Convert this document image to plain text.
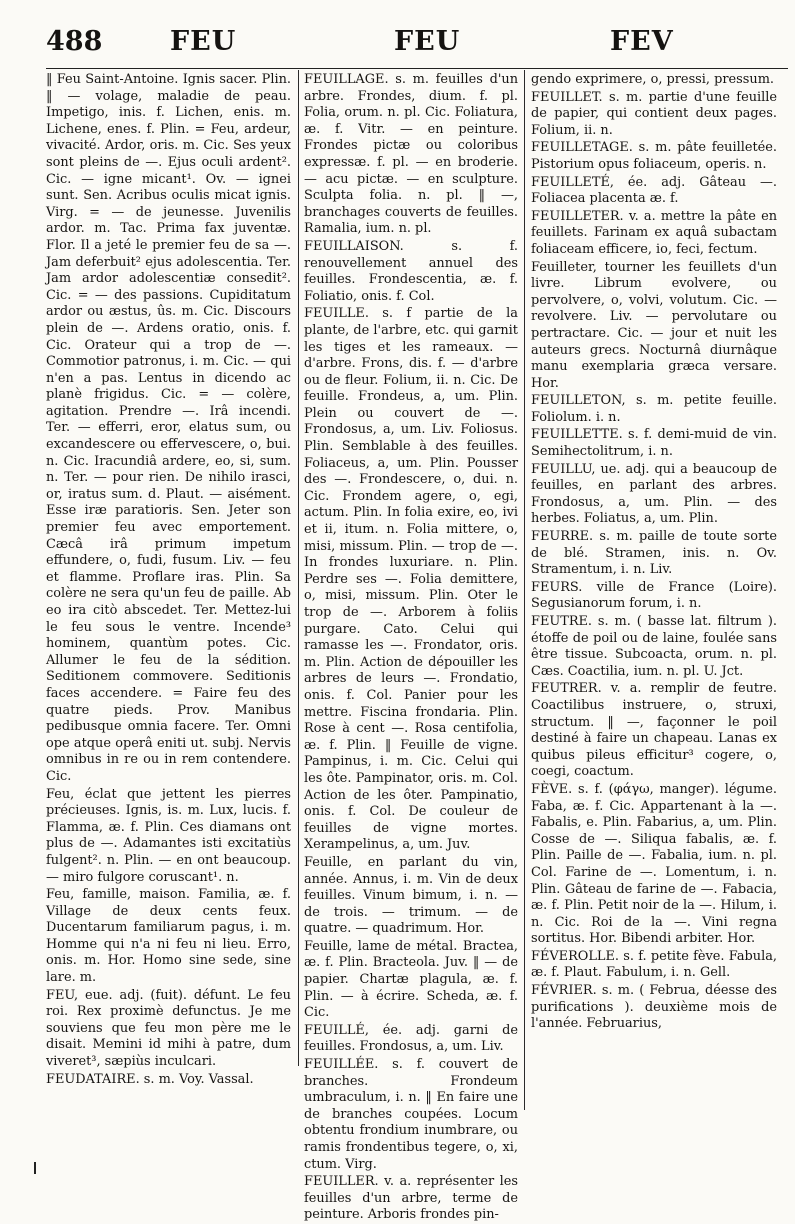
488	FEU	FEU	FEV

‖ Feu Saint-Antoine. Ignis sacer. Plin. ‖ — volage, maladie de peau. Impetigo, inis. f. Lichen, enis. m. Lichene, enes. f. Plin. = Feu, ardeur, vivacité. Ardor, oris. m. Cic. Ses yeux sont pleins de —. Ejus oculi ardent². Cic. — igne micant¹. Ov. — ignei sunt. Sen. Acribus oculis micat ignis. Virg. = — de jeunesse. Juvenilis ardor. m. Tac. Prima fax juventæ. Flor. Il a jeté le premier feu de sa —. Jam deferbuit² ejus adolescentia. Ter. Jam ardor adolescentiæ consedit². Cic. = — des passions. Cupiditatum ardor ou æstus, ûs. m. Cic. Discours plein de —. Ardens oratio, onis. f. Cic. Orateur qui a trop de —. Commotior patronus, i. m. Cic. — qui n'en a pas. Lentus in dicendo ac planè frigidus. Cic. = — colère, agitation. Prendre —. Irâ incendi. Ter. — efferri, eror, elatus sum, ou excandescere ou effervescere, o, bui. n. Cic. Iracundiâ ardere, eo, si, sum. n. Ter. — pour rien. De nihilo irasci, or, iratus sum. d. Plaut. — aisément. Esse iræ paratioris. Sen. Jeter son premier feu avec emportement. Cæcâ irâ primum impetum effundere, o, fudi, fusum. Liv. — feu et flamme. Proflare iras. Plin. Sa colère ne sera qu'un feu de paille. Ab eo ira citò abscedet. Ter. Mettez-lui le feu sous le ventre. Incende³ hominem, quantùm potes. Cic. Allumer le feu de la sédition. Seditionem commovere. Seditionis faces accendere. = Faire feu des quatre pieds. Prov. Manibus pedibusque omnia facere. Ter. Omni ope atque operâ eniti ut. subj. Nervis omnibus in re ou in rem contendere. Cic.

Feu, éclat que jettent les pierres précieuses. Ignis, is. m. Lux, lucis. f. Flamma, æ. f. Plin. Ces diamans ont plus de —. Adamantes isti excitatiùs fulgent². n. Plin. — en ont beaucoup. — miro fulgore coruscant¹. n.

Feu, famille, maison. Familia, æ. f. Village de deux cents feux. Ducentarum familiarum pagus, i. m. Homme qui n'a ni feu ni lieu. Erro, onis. m. Hor. Homo sine sede, sine lare. m.

FEU, eue. adj. (fuit). défunt. Le feu roi. Rex proximè defunctus. Je me souviens que feu mon père me le disait. Memini id mihi à patre, dum viveret³, sæpiùs inculcari.

FEUDATAIRE. s. m. Voy. Vassal.

FEUILLAGE. s. m. feuilles d'un arbre. Frondes, dium. f. pl. Folia, orum. n. pl. Cic. Foliatura, æ. f. Vitr. — en peinture. Frondes pictæ ou coloribus expressæ. f. pl. — en broderie. — acu pictæ. — en sculpture. Sculpta folia. n. pl. ‖ —, branchages couverts de feuilles. Ramalia, ium. n. pl.

FEUILLAISON. s. f. renouvellement annuel des feuilles. Frondescentia, æ. f. Foliatio, onis. f. Col.

FEUILLE. s. f partie de la plante, de l'arbre, etc. qui garnit les tiges et les rameaux. — d'arbre. Frons, dis. f. — d'arbre ou de fleur. Folium, ii. n. Cic. De feuille. Frondeus, a, um. Plin. Plein ou couvert de —. Frondosus, a, um. Liv. Foliosus. Plin. Semblable à des feuilles. Foliaceus, a, um. Plin. Pousser des —. Frondescere, o, dui. n. Cic. Frondem agere, o, egi, actum. Plin. In folia exire, eo, ivi et ii, itum. n. Folia mittere, o, misi, missum. Plin. — trop de —. In frondes luxuriare. n. Plin. Perdre ses —. Folia demittere, o, misi, missum. Plin. Oter le trop de —. Arborem à foliis purgare. Cato. Celui qui ramasse les —. Frondator, oris. m. Plin. Action de dépouiller les arbres de leurs —. Frondatio, onis. f. Col. Panier pour les mettre. Fiscina frondaria. Plin. Rose à cent —. Rosa centifolia, æ. f. Plin. ‖ Feuille de vigne. Pampinus, i. m. Cic. Celui qui les ôte. Pampinator, oris. m. Col. Action de les ôter. Pampinatio, onis. f. Col. De couleur de feuilles de vigne mortes. Xerampelinus, a, um. Juv.

Feuille, en parlant du vin, année. Annus, i. m. Vin de deux feuilles. Vinum bimum, i. n. — de trois. — trimum. — de quatre. — quadrimum. Hor.

Feuille, lame de métal. Bractea, æ. f. Plin. Bracteola. Juv. ‖ — de papier. Chartæ plagula, æ. f. Plin. — à écrire. Scheda, æ. f. Cic.

FEUILLÉ, ée. adj. garni de feuilles. Frondosus, a, um. Liv.

FEUILLÉE. s. f. couvert de branches. Frondeum umbraculum, i. n. ‖ En faire une de branches coupées. Locum obtentu frondium inumbrare, ou ramis frondentibus tegere, o, xi, ctum. Virg.

FEUILLER. v. a. représenter les feuilles d'un arbre, terme de peinture. Arboris frondes pin-

gendo exprimere, o, pressi, pressum.

FEUILLET. s. m. partie d'une feuille de papier, qui contient deux pages. Folium, ii. n.

FEUILLETAGE. s. m. pâte feuilletée. Pistorium opus foliaceum, operis. n.

FEUILLETÉ, ée. adj. Gâteau —. Foliacea placenta æ. f.

FEUILLETER. v. a. mettre la pâte en feuillets. Farinam ex aquâ subactam foliaceam efficere, io, feci, fectum.

Feuilleter, tourner les feuillets d'un livre. Librum evolvere, ou pervolvere, o, volvi, volutum. Cic. — revolvere. Liv. — pervolutare ou pertractare. Cic. — jour et nuit les auteurs grecs. Nocturnâ diurnâque manu exemplaria græca versare. Hor.

FEUILLETON, s. m. petite feuille. Foliolum. i. n.

FEUILLETTE. s. f. demi-muid de vin. Semihectolitrum, i. n.

FEUILLU, ue. adj. qui a beaucoup de feuilles, en parlant des arbres. Frondosus, a, um. Plin. — des herbes. Foliatus, a, um. Plin.

FEURRE. s. m. paille de toute sorte de blé. Stramen, inis. n. Ov. Stramentum, i. n. Liv.

FEURS. ville de France (Loire). Segusianorum forum, i. n.

FEUTRE. s. m. ( basse lat. filtrum ). étoffe de poil ou de laine, foulée sans être tissue. Subcoacta, orum. n. pl. Cæs. Coactilia, ium. n. pl. U. Jct.

FEUTRER. v. a. remplir de feutre. Coactilibus instruere, o, struxi, structum. ‖ —, façonner le poil destiné à faire un chapeau. Lanas ex quibus pileus efficitur³ cogere, o, coegi, coactum.

FÈVE. s. f. (φάγω, manger). légume. Faba, æ. f. Cic. Appartenant à la —. Fabalis, e. Plin. Fabarius, a, um. Plin. Cosse de —. Siliqua fabalis, æ. f. Plin. Paille de —. Fabalia, ium. n. pl. Col. Farine de —. Lomentum, i. n. Plin. Gâteau de farine de —. Fabacia, æ. f. Plin. Petit noir de la —. Hilum, i. n. Cic. Roi de la —. Vini regna sortitus. Hor. Bibendi arbiter. Hor.

FÉVEROLLE. s. f. petite fève. Fabula, æ. f. Plaut. Fabulum, i. n. Gell.

FÉVRIER. s. m. ( Februa, déesse des purifications ). deuxième mois de l'année. Februarius,
